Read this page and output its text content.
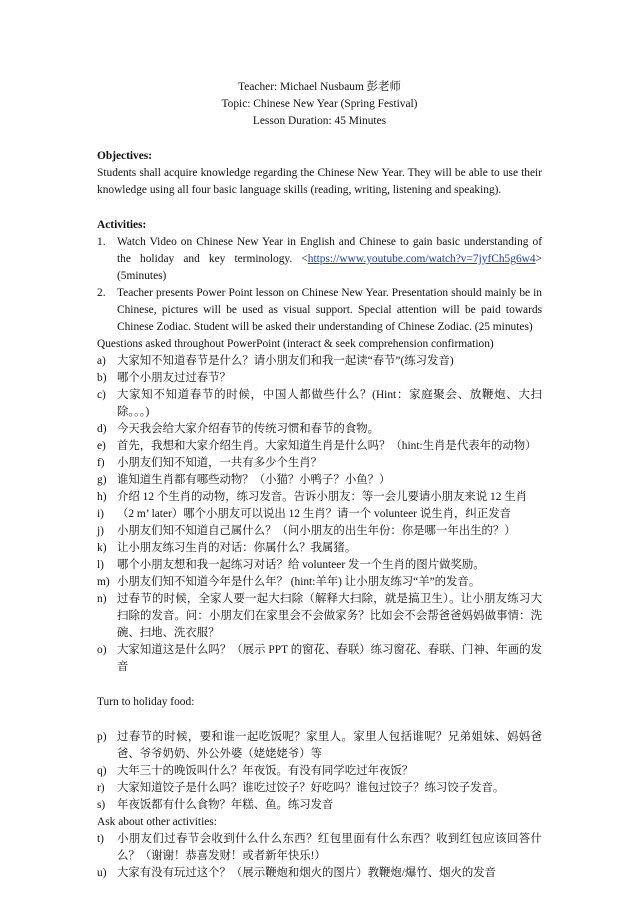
Teacher: Michael Nusbaum 彭老师

Topic: Chinese New Year (Spring Festival)

Lesson Duration: 45 Minutes

Objectives:

Students shall acquire knowledge regarding the Chinese New Year. They will be able to use their knowledge using all four basic language skills (reading, writing, listening and speaking).

Activities:

1. Watch Video on Chinese New Year in English and Chinese to gain basic understanding of the holiday and key terminology. <https://www.youtube.com/watch?v=7jyfCh5g6w4> (5minutes)
2. Teacher presents Power Point lesson on Chinese New Year. Presentation should mainly be in Chinese, pictures will be used as visual support. Special attention will be paid towards Chinese Zodiac. Student will be asked their understanding of Chinese Zodiac. (25 minutes)

Questions asked throughout PowerPoint (interact & seek comprehension confirmation)

a) 大家知不知道春节是什么？请小朋友们和我一起读“春节”(练习发音)
b) 哪个小朋友过过春节？
c) 大家知不知道春节的时候，中国人都做些什么？(Hint：家庭聚会、放鞭炮、大扫除。。。)
d) 今天我会给大家介绍春节的传统习惯和春节的食物。
e) 首先，我想和大家介绍生肖。大家知道生肖是什么吗？（hint:生肖是代表年的动物）
f) 小朋友们知不知道，一共有多少个生肖？
g) 谁知道生肖都有哪些动物？（小猫？小鸭子？小鱼？）
h) 介绍 12 个生肖的动物，练习发音。告诉小朋友：等一会儿要请小朋友来说 12 生肖
i) （2 m’ later）哪个小朋友可以说出 12 生肖？请一个 volunteer 说生肖，纠正发音
j) 小朋友们知不知道自己属什么？（问小朋友的出生年份：你是哪一年出生的？）
k) 让小朋友练习生肖的对话：你属什么？我属猪。
l) 哪个小朋友想和我一起练习对话？给 volunteer 发一个生肖的图片做奖励。
m) 小朋友们知不知道今年是什么年？ (hint:羊年) 让小朋友练习“羊”的发音。
n) 过春节的时候，全家人要一起大扫除（解释大扫除，就是搞卫生）。让小朋友练习大扫除的发音。问：小朋友们在家里会不会做家务？比如会不会帮爸爸妈妈做事情：洗碗、扫地、洗衣服？
o) 大家知道这是什么吗？（展示 PPT 的窗花、春联）练习窗花、春联、门神、年画的发音

Turn to holiday food:

p) 过春节的时候，要和谁一起吃饭呢？家里人。家里人包括谁呢？兄弟姐妹、妈妈爸爸、爷爷奶奶、外公外婆（姥姥姥爷）等
q) 大年三十的晚饭叫什么？年夜饭。有没有同学吃过年夜饭？
r) 大家知道饺子是什么吗？谁吃过饺子？好吃吗？谁包过饺子？练习饺子发音。
s) 年夜饭都有什么食物？年糕、鱼。练习发音

Ask about other activities:

t) 小朋友们过春节会收到什么什么东西？红包里面有什么东西？收到红包应该回答什么？（谢谢！恭喜发财！或者新年快乐!）
u) 大家有没有玩过这个？（展示鞭炮和烟火的图片）教鞭炮/爆竹、烟火的发音
